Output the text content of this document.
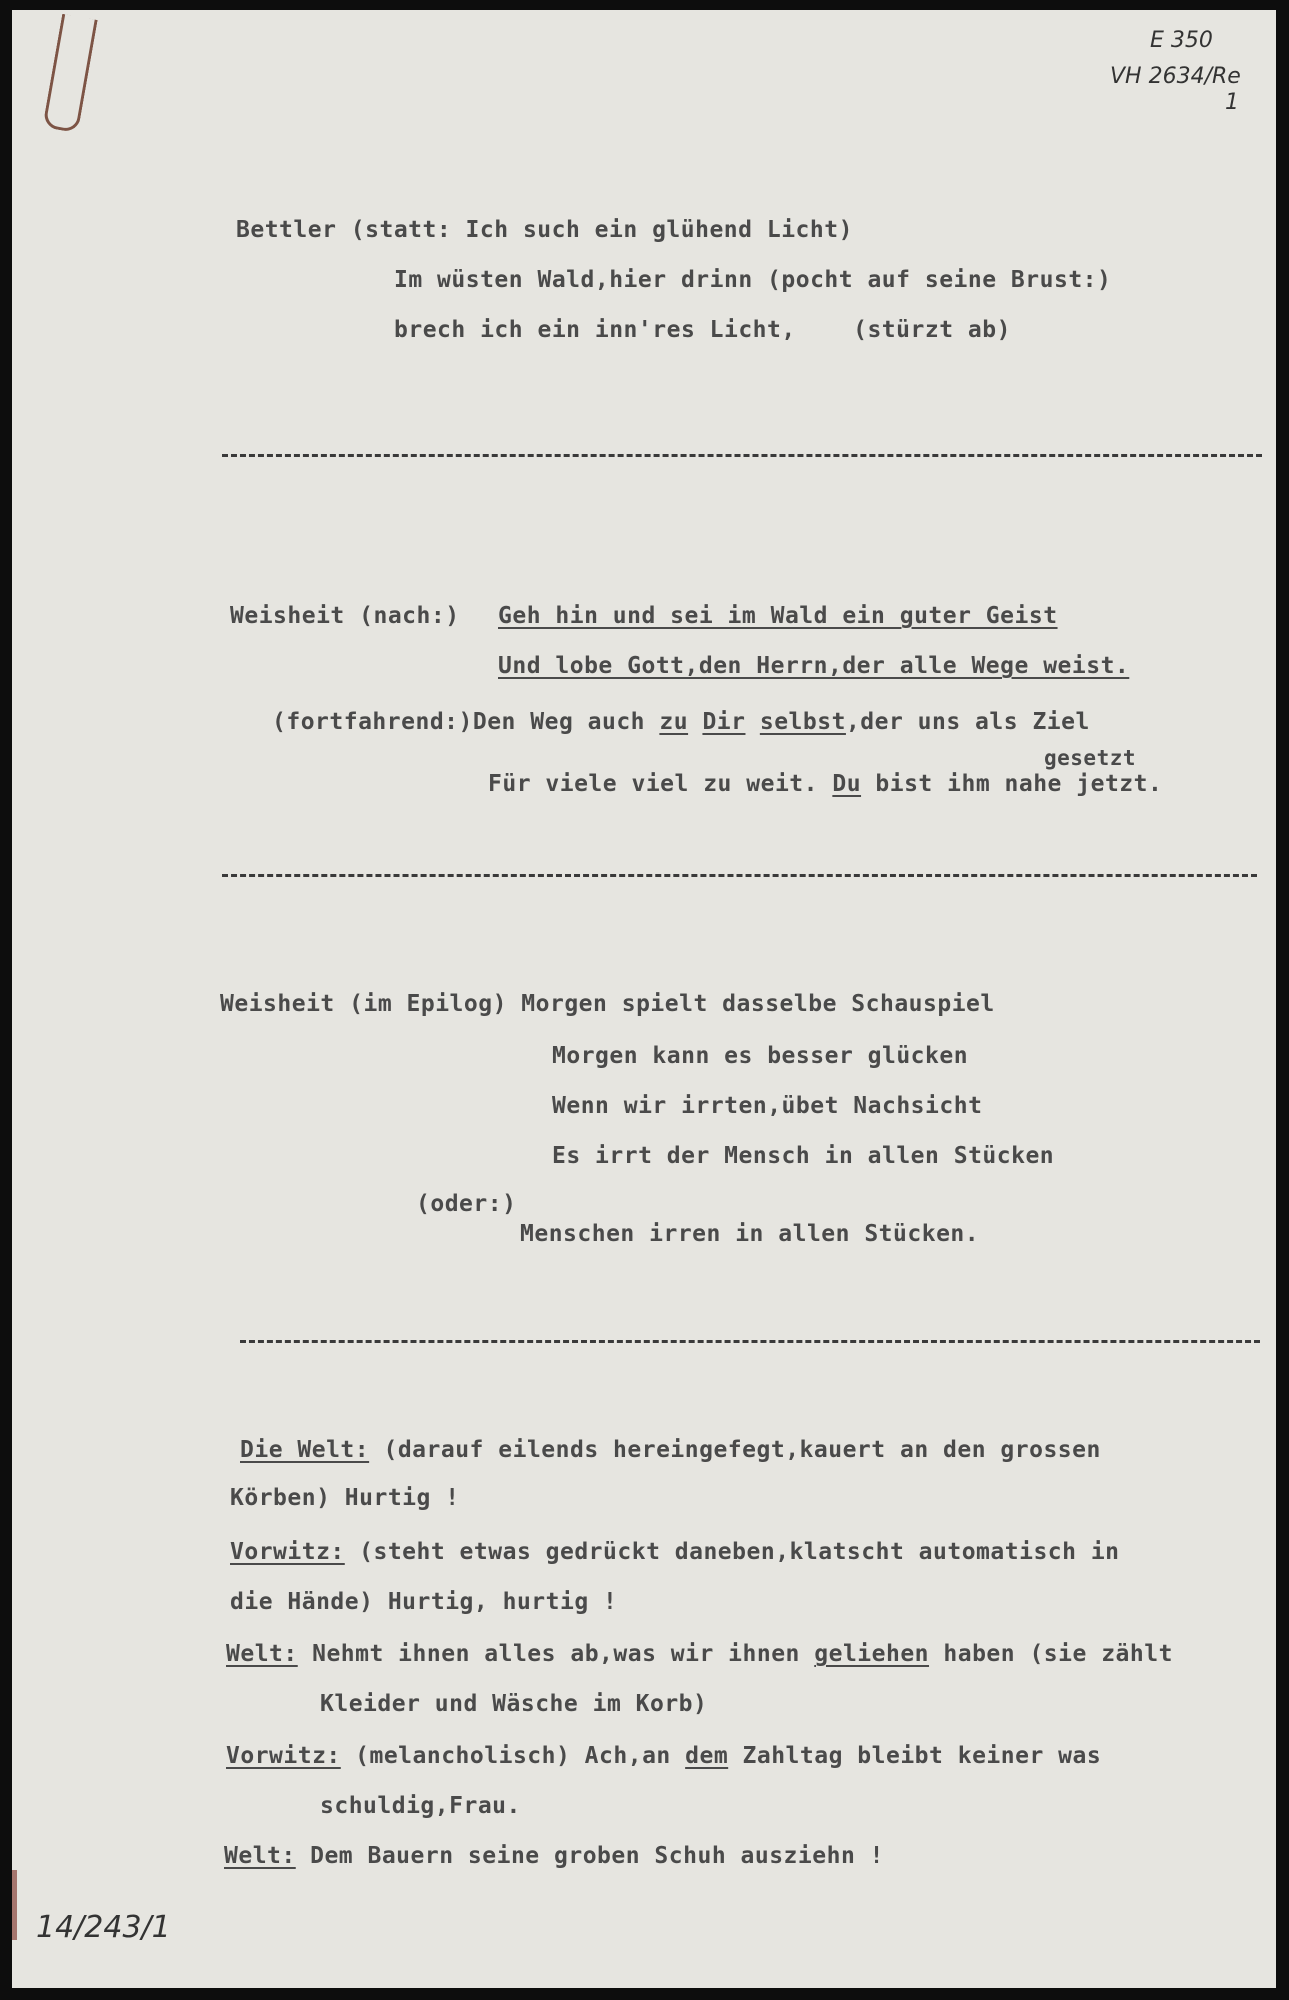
E 350
VH 2634/Re
1
14/243/1
Bettler (statt: Ich such ein glühend Licht)
Im wüsten Wald,hier drinn (pocht auf seine Brust:)
brech ich ein inn'res Licht,    (stürzt ab)
Weisheit (nach:) Geh hin und sei im Wald ein guter Geist
Und lobe Gott,den Herrn,der alle Wege weist.
(fortfahrend:)Den Weg auch zu Dir selbst,der uns als Ziel
gesetzt
Für viele viel zu weit. Du bist ihm nahe jetzt.
Weisheit (im Epilog) Morgen spielt dasselbe Schauspiel
Morgen kann es besser glücken
Wenn wir irrten,übet Nachsicht
Es irrt der Mensch in allen Stücken
(oder:)
Menschen irren in allen Stücken.
Die Welt: (darauf eilends hereingefegt,kauert an den grossen
Körben) Hurtig !
Vorwitz: (steht etwas gedrückt daneben,klatscht automatisch in
die Hände) Hurtig, hurtig !
Welt: Nehmt ihnen alles ab,was wir ihnen geliehen haben (sie zählt
Kleider und Wäsche im Korb)
Vorwitz: (melancholisch) Ach,an dem Zahltag bleibt keiner was
schuldig,Frau.
Welt: Dem Bauern seine groben Schuh ausziehn !
